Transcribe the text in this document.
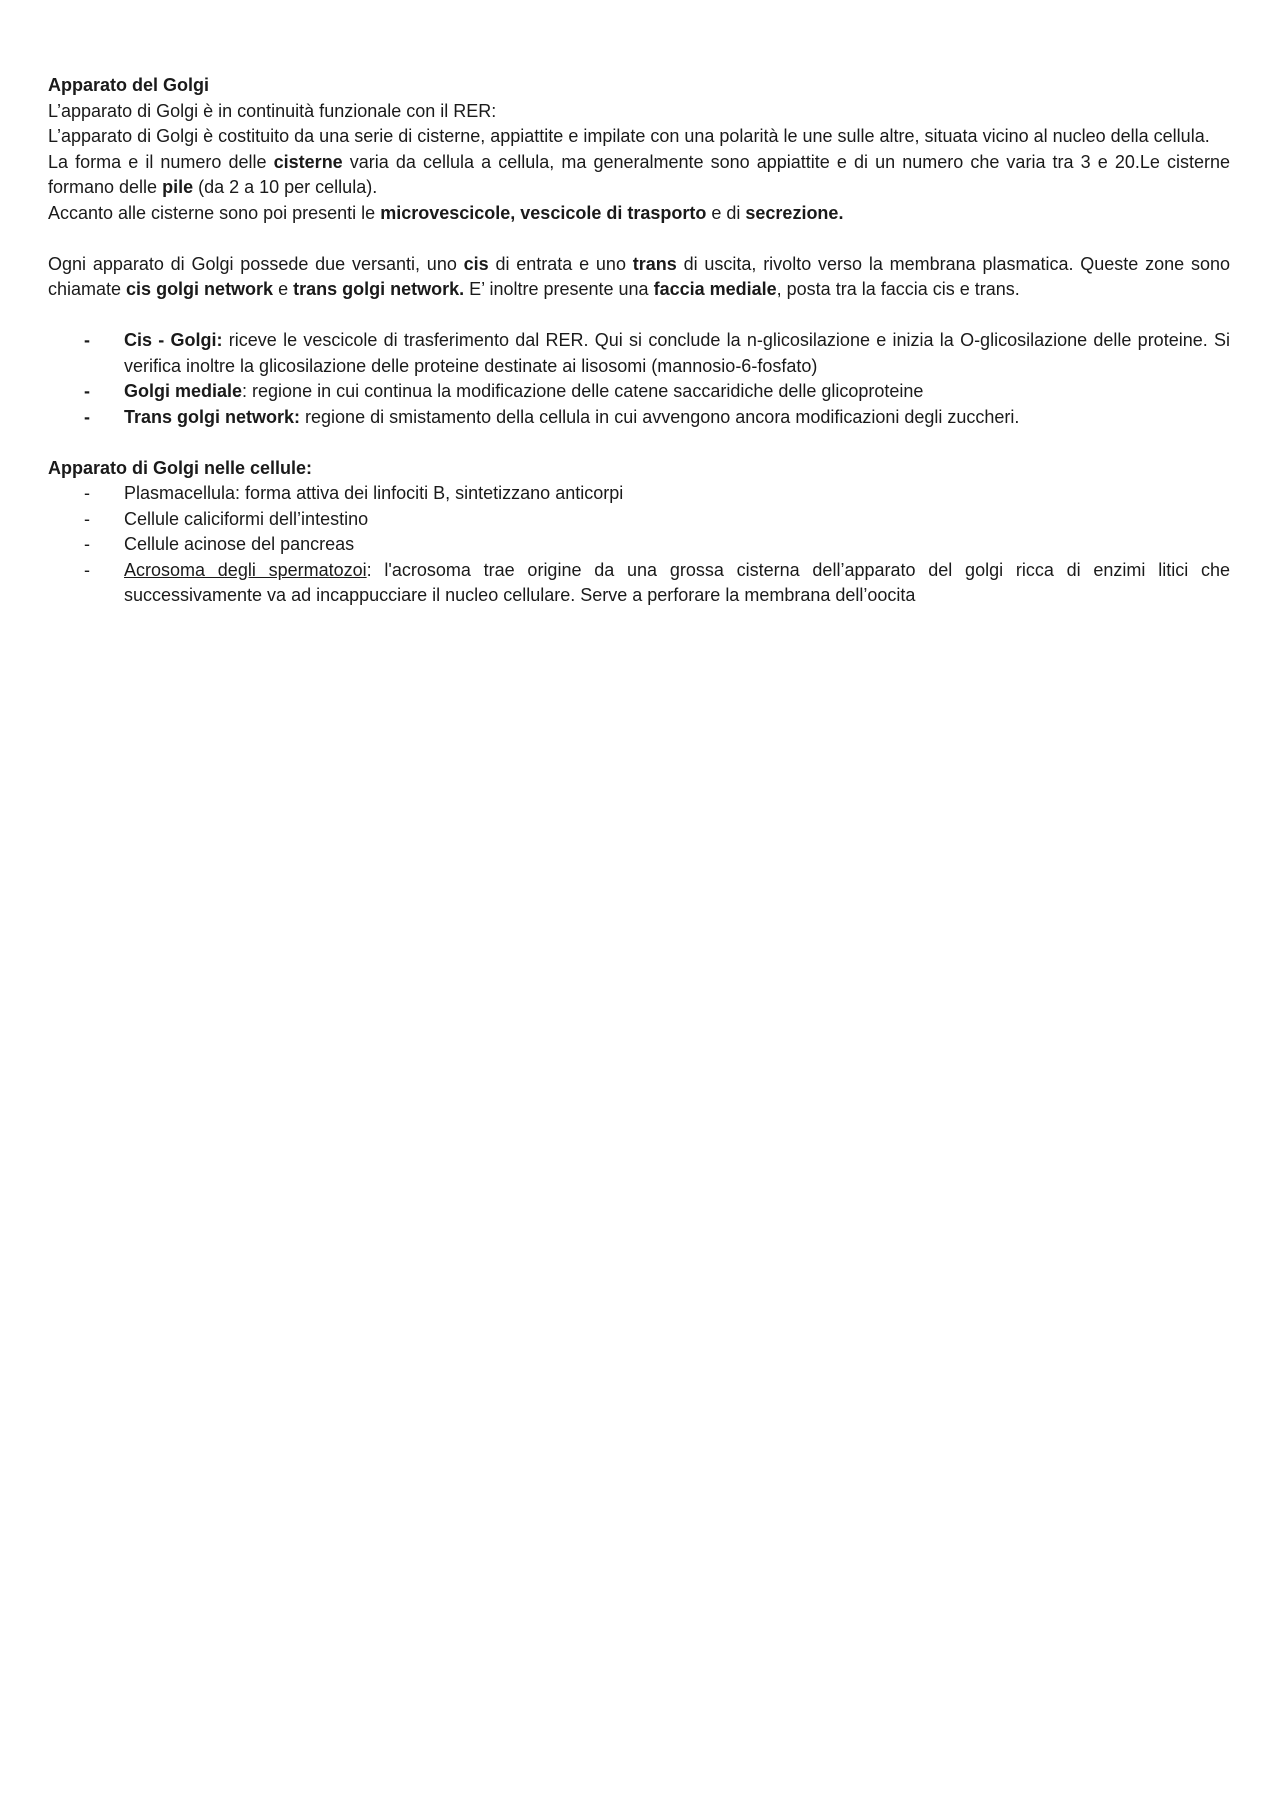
Apparato del Golgi

L’apparato di Golgi è in continuità funzionale con il RER:

L’apparato di Golgi è costituito da una serie di cisterne, appiattite e impilate con una polarità le une sulle altre, situata vicino al nucleo della cellula.

La forma e il numero delle cisterne varia da cellula a cellula, ma generalmente sono appiattite e di un numero che varia tra 3 e 20.Le cisterne formano delle pile (da 2 a 10 per cellula).

Accanto alle cisterne sono poi presenti le microvescicole, vescicole di trasporto e di secrezione.

Ogni apparato di Golgi possede due versanti, uno cis di entrata e uno trans di uscita, rivolto verso la membrana plasmatica. Queste zone sono chiamate cis golgi network e trans golgi network. E’ inoltre presente una faccia mediale, posta tra la faccia cis e trans.

-	Cis - Golgi: riceve le vescicole di trasferimento dal RER. Qui si conclude la n-glicosilazione e inizia la O-glicosilazione delle proteine. Si verifica inoltre la glicosilazione delle proteine destinate ai lisosomi (mannosio-6-fosfato)
-	Golgi mediale: regione in cui continua la modificazione delle catene saccaridiche delle glicoproteine
-	Trans golgi network: regione di smistamento della cellula in cui avvengono ancora modificazioni degli zuccheri.

Apparato di Golgi nelle cellule:

-	Plasmacellula: forma attiva dei linfociti B, sintetizzano anticorpi
-	Cellule caliciformi dell’intestino
-	Cellule acinose del pancreas
-	Acrosoma degli spermatozoi: l'acrosoma trae origine da una grossa cisterna dell’apparato del golgi ricca di enzimi litici che successivamente va ad incappucciare il nucleo cellulare. Serve a perforare la membrana dell’oocita
